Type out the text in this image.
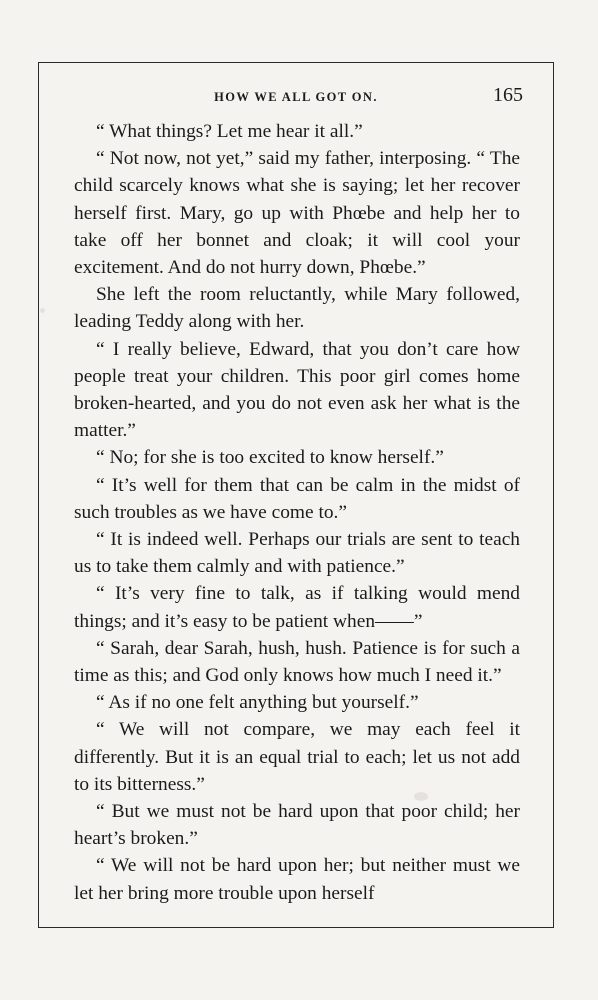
HOW WE ALL GOT ON.	165

“ What things? Let me hear it all.”

“ Not now, not yet,” said my father, interposing. “ The child scarcely knows what she is saying; let her recover herself first. Mary, go up with Phœbe and help her to take off her bonnet and cloak; it will cool your excitement. And do not hurry down, Phœbe.”

She left the room reluctantly, while Mary followed, leading Teddy along with her.

“ I really believe, Edward, that you don’t care how people treat your children. This poor girl comes home broken-hearted, and you do not even ask her what is the matter.”

“ No; for she is too excited to know herself.”

“ It’s well for them that can be calm in the midst of such troubles as we have come to.”

“ It is indeed well. Perhaps our trials are sent to teach us to take them calmly and with patience.”

“ It’s very fine to talk, as if talking would mend things; and it’s easy to be patient when——”

“ Sarah, dear Sarah, hush, hush. Patience is for such a time as this; and God only knows how much I need it.”

“ As if no one felt anything but yourself.”

“ We will not compare, we may each feel it differently. But it is an equal trial to each; let us not add to its bitterness.”

“ But we must not be hard upon that poor child; her heart’s broken.”

“ We will not be hard upon her; but neither must we let her bring more trouble upon herself
